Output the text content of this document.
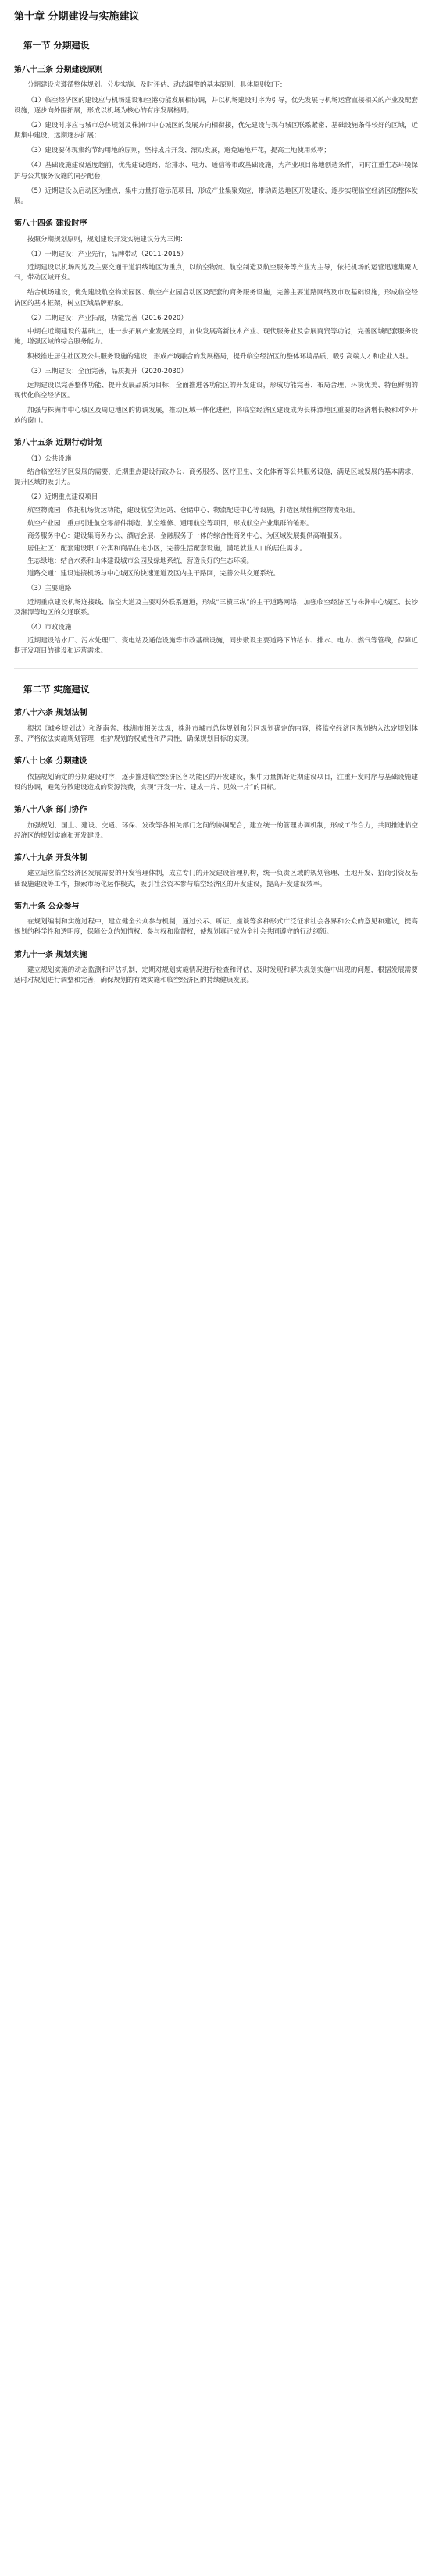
第十章 分期建设与实施建议
第一节 分期建设
第八十三条 分期建设原则

分期建设应遵循整体规划、分步实施、及时评估、动态调整的基本原则，具体原则如下：

（1）临空经济区的建设应与机场建设和空港功能发展相协调，并以机场建设时序为引导，优先发展与机场运营直接相关的产业及配套设施，逐步向外围拓展，形成以机场为核心的有序发展格局；

（2）建设时序应与城市总体规划及株洲市中心城区的发展方向相衔接，优先建设与现有城区联系紧密、基础设施条件较好的区域，近期集中建设，远期逐步扩展；

（3）建设要体现集约节约用地的原则，坚持成片开发、滚动发展，避免遍地开花，提高土地使用效率；

（4）基础设施建设适度超前，优先建设道路、给排水、电力、通信等市政基础设施，为产业项目落地创造条件，同时注重生态环境保护与公共服务设施的同步配套；

（5）近期建设以启动区为重点，集中力量打造示范项目，形成产业集聚效应，带动周边地区开发建设，逐步实现临空经济区的整体发展。

第八十四条 建设时序

按照分期规划原则，规划建设开发实施建议分为三期：

（1）一期建设：产业先行，品牌带动（2011-2015）

近期建设以机场周边及主要交通干道沿线地区为重点，以航空物流、航空制造及航空服务等产业为主导，依托机场的运营迅速集聚人气，带动区域开发。

结合机场建设，优先建设航空物流园区、航空产业园启动区及配套的商务服务设施，完善主要道路网络及市政基础设施，形成临空经济区的基本框架，树立区域品牌形象。

（2）二期建设：产业拓展，功能完善（2016-2020）

中期在近期建设的基础上，进一步拓展产业发展空间，加快发展高新技术产业、现代服务业及会展商贸等功能，完善区域配套服务设施，增强区域的综合服务能力。

积极推进居住社区及公共服务设施的建设，形成产城融合的发展格局，提升临空经济区的整体环境品质，吸引高端人才和企业入驻。

（3）三期建设：全面完善，品质提升（2020-2030）

远期建设以完善整体功能、提升发展品质为目标，全面推进各功能区的开发建设，形成功能完善、布局合理、环境优美、特色鲜明的现代化临空经济区。

加强与株洲市中心城区及周边地区的协调发展，推动区域一体化进程，将临空经济区建设成为长株潭地区重要的经济增长极和对外开放的窗口。

第八十五条 近期行动计划

（1）公共设施

结合临空经济区发展的需要，近期重点建设行政办公、商务服务、医疗卫生、文化体育等公共服务设施，满足区域发展的基本需求，提升区域的吸引力。

（2）近期重点建设项目

航空物流园：依托机场货运功能，建设航空货运站、仓储中心、物流配送中心等设施，打造区域性航空物流枢纽。

航空产业园：重点引进航空零部件制造、航空维修、通用航空等项目，形成航空产业集群的雏形。

商务服务中心：建设集商务办公、酒店会展、金融服务于一体的综合性商务中心，为区域发展提供高端服务。

居住社区：配套建设职工公寓和商品住宅小区，完善生活配套设施，满足就业人口的居住需求。

生态绿地：结合水系和山体建设城市公园及绿地系统，营造良好的生态环境。

道路交通：建设连接机场与中心城区的快速通道及区内主干路网，完善公共交通系统。

（3）主要道路

近期重点建设机场连接线、临空大道及主要对外联系通道，形成“三横三纵”的主干道路网络，加强临空经济区与株洲中心城区、长沙及湘潭等地区的交通联系。

（4）市政设施

近期建设给水厂、污水处理厂、变电站及通信设施等市政基础设施，同步敷设主要道路下的给水、排水、电力、燃气等管线，保障近期开发项目的建设和运营需求。

第二节 实施建议
第八十六条 规划法制

根据《城乡规划法》和湖南省、株洲市相关法规，株洲市城市总体规划和分区规划确定的内容，将临空经济区规划纳入法定规划体系，严格依法实施规划管理，维护规划的权威性和严肃性，确保规划目标的实现。

第八十七条 分期建设

依据规划确定的分期建设时序，逐步推进临空经济区各功能区的开发建设，集中力量抓好近期建设项目，注重开发时序与基础设施建设的协调，避免分散建设造成的资源浪费，实现“开发一片、建成一片、见效一片”的目标。

第八十八条 部门协作

加强规划、国土、建设、交通、环保、发改等各相关部门之间的协调配合，建立统一的管理协调机制，形成工作合力，共同推进临空经济区的规划实施和开发建设。

第八十九条 开发体制

建立适应临空经济区发展需要的开发管理体制，成立专门的开发建设管理机构，统一负责区域的规划管理、土地开发、招商引资及基础设施建设等工作，探索市场化运作模式，吸引社会资本参与临空经济区的开发建设，提高开发建设效率。

第九十条 公众参与

在规划编制和实施过程中，建立健全公众参与机制，通过公示、听证、座谈等多种形式广泛征求社会各界和公众的意见和建议，提高规划的科学性和透明度，保障公众的知情权、参与权和监督权，使规划真正成为全社会共同遵守的行动纲领。

第九十一条 规划实施

建立规划实施的动态监测和评估机制，定期对规划实施情况进行检查和评估，及时发现和解决规划实施中出现的问题，根据发展需要适时对规划进行调整和完善，确保规划的有效实施和临空经济区的持续健康发展。
